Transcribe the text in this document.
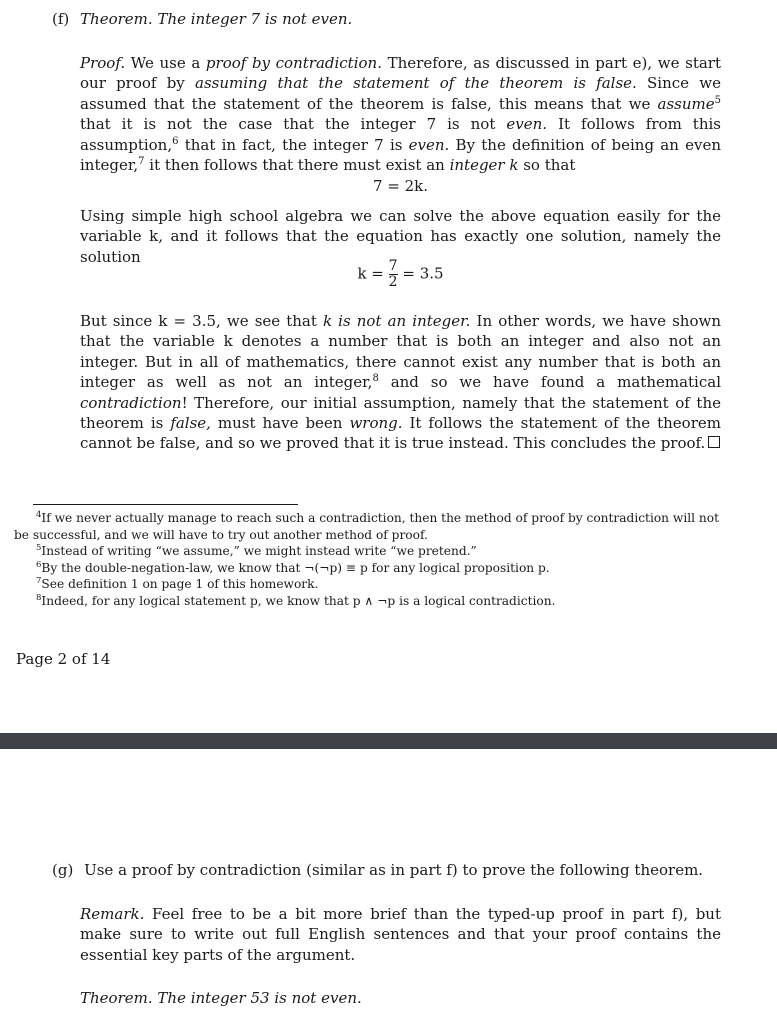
(f) Theorem. The integer 7 is not even.
Proof. We use a proof by contradiction. Therefore, as discussed in part e), we start our proof by assuming that the statement of the theorem is false. Since we assumed that the statement of the theorem is false, this means that we assume$^5$ that it is not the case that the integer 7 is not even. It follows from this assumption,$^6$ that in fact, the integer 7 is even. By the definition of being an even integer,$^7$ it then follows that there must exist an integer k so that
7 = 2k.
Using simple high school algebra we can solve the above equation easily for the variable k, and it follows that the equation has exactly one solution, namely the solution
$k = \frac{7}{2} = 3.5$
But since k = 3.5, we see that k is not an integer. In other words, we have shown that the variable k denotes a number that is both an integer and also not an integer. But in all of mathematics, there cannot exist any number that is both an integer as well as not an integer,$^8$ and so we have found a mathematical contradiction! Therefore, our initial assumption, namely that the statement of the theorem is false, must have been wrong. It follows the statement of the theorem cannot be false, and so we proved that it is true instead. This concludes the proof.
$^4$If we never actually manage to reach such a contradiction, then the method of proof by contradiction will not be successful, and we will have to try out another method of proof.
$^5$Instead of writing “we assume,” we might instead write “we pretend.”
$^6$By the double-negation-law, we know that ¬(¬p) ≡ p for any logical proposition p.
$^7$See definition 1 on page 1 of this homework.
$^8$Indeed, for any logical statement p, we know that p ∧ ¬p is a logical contradiction.
Page 2 of 14
(g) Use a proof by contradiction (similar as in part f) to prove the following theorem.
Remark. Feel free to be a bit more brief than the typed-up proof in part f), but make sure to write out full English sentences and that your proof contains the essential key parts of the argument.
Theorem. The integer 53 is not even.
